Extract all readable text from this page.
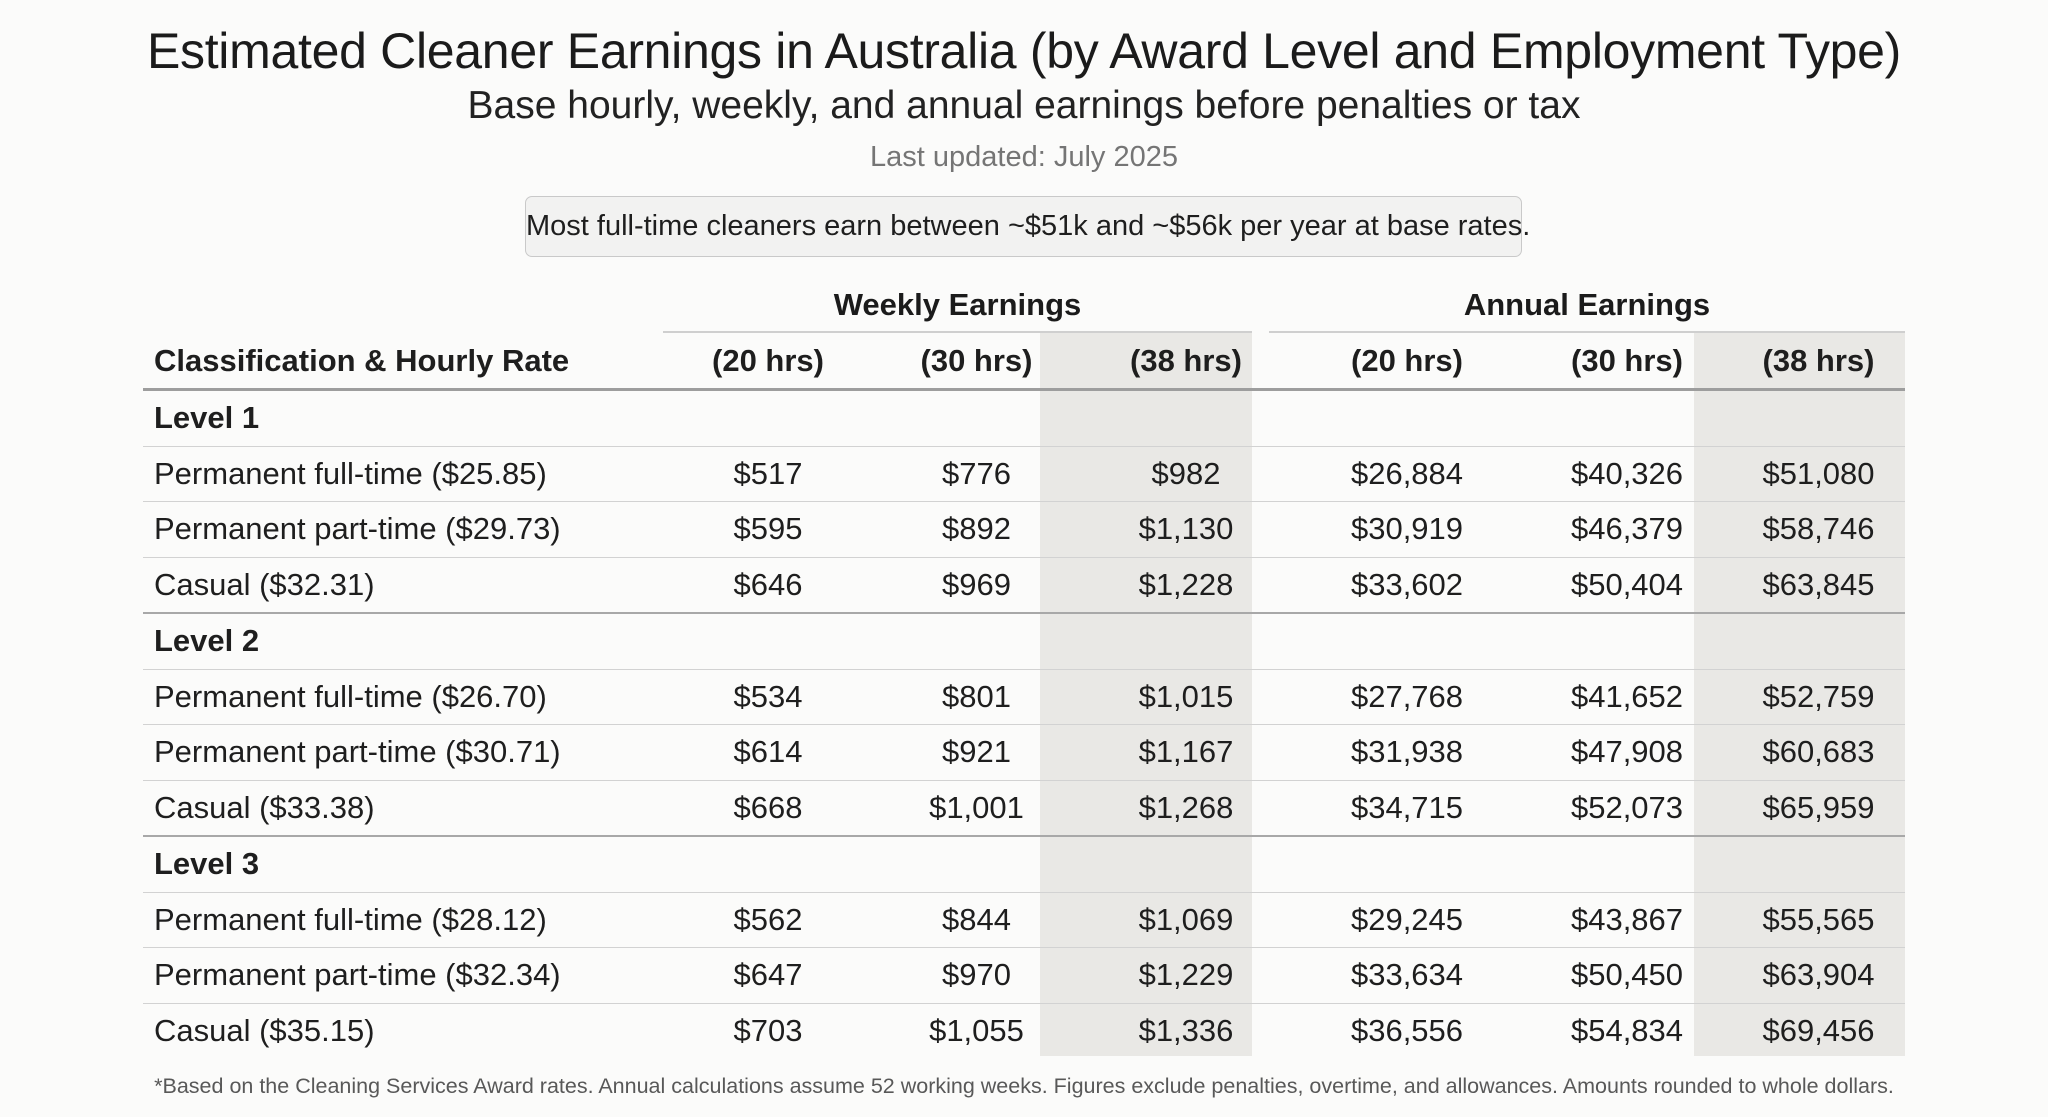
Estimated Cleaner Earnings in Australia (by Award Level and Employment Type)
Base hourly, weekly, and annual earnings before penalties or tax
Last updated: July 2025
Most full-time cleaners earn between ~$51k and ~$56k per year at base rates.
Weekly Earnings	Annual Earnings
Classification & Hourly Rate	(20 hrs)	(30 hrs)	(38 hrs)	(20 hrs)	(30 hrs)	(38 hrs)
Level 1						
Permanent full-time ($25.85)	$517	$776	$982	$26,884	$40,326	$51,080
Permanent part-time ($29.73)	$595	$892	$1,130	$30,919	$46,379	$58,746
Casual ($32.31)	$646	$969	$1,228	$33,602	$50,404	$63,845
Level 2						
Permanent full-time ($26.70)	$534	$801	$1,015	$27,768	$41,652	$52,759
Permanent part-time ($30.71)	$614	$921	$1,167	$31,938	$47,908	$60,683
Casual ($33.38)	$668	$1,001	$1,268	$34,715	$52,073	$65,959
Level 3						
Permanent full-time ($28.12)	$562	$844	$1,069	$29,245	$43,867	$55,565
Permanent part-time ($32.34)	$647	$970	$1,229	$33,634	$50,450	$63,904
Casual ($35.15)	$703	$1,055	$1,336	$36,556	$54,834	$69,456
*Based on the Cleaning Services Award rates. Annual calculations assume 52 working weeks. Figures exclude penalties, overtime, and allowances. Amounts rounded to whole dollars.
